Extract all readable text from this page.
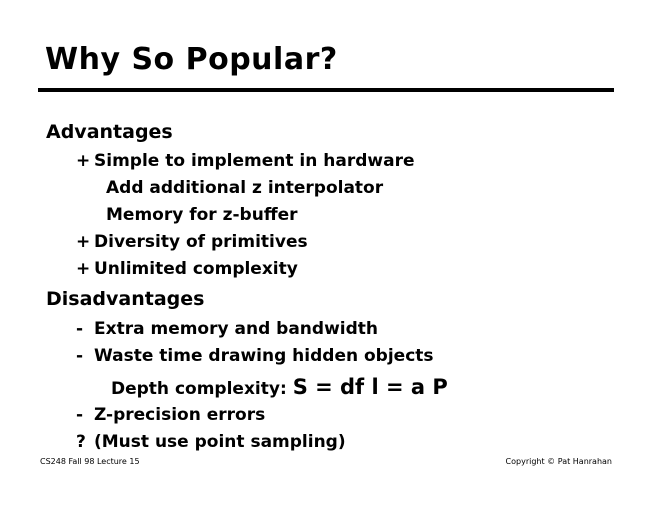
Why So Popular?
Advantages
+ Simple to implement in hardware
Add additional z interpolator
Memory for z-buffer
+ Diversity of primitives
+ Unlimited complexity
Disadvantages
- Extra memory and bandwidth
- Waste time drawing hidden objects
Depth complexity: S = df l = a P
- Z-precision errors
? (Must use point sampling)
CS248 Fall 98 Lecture 15	Copyright © Pat Hanrahan
